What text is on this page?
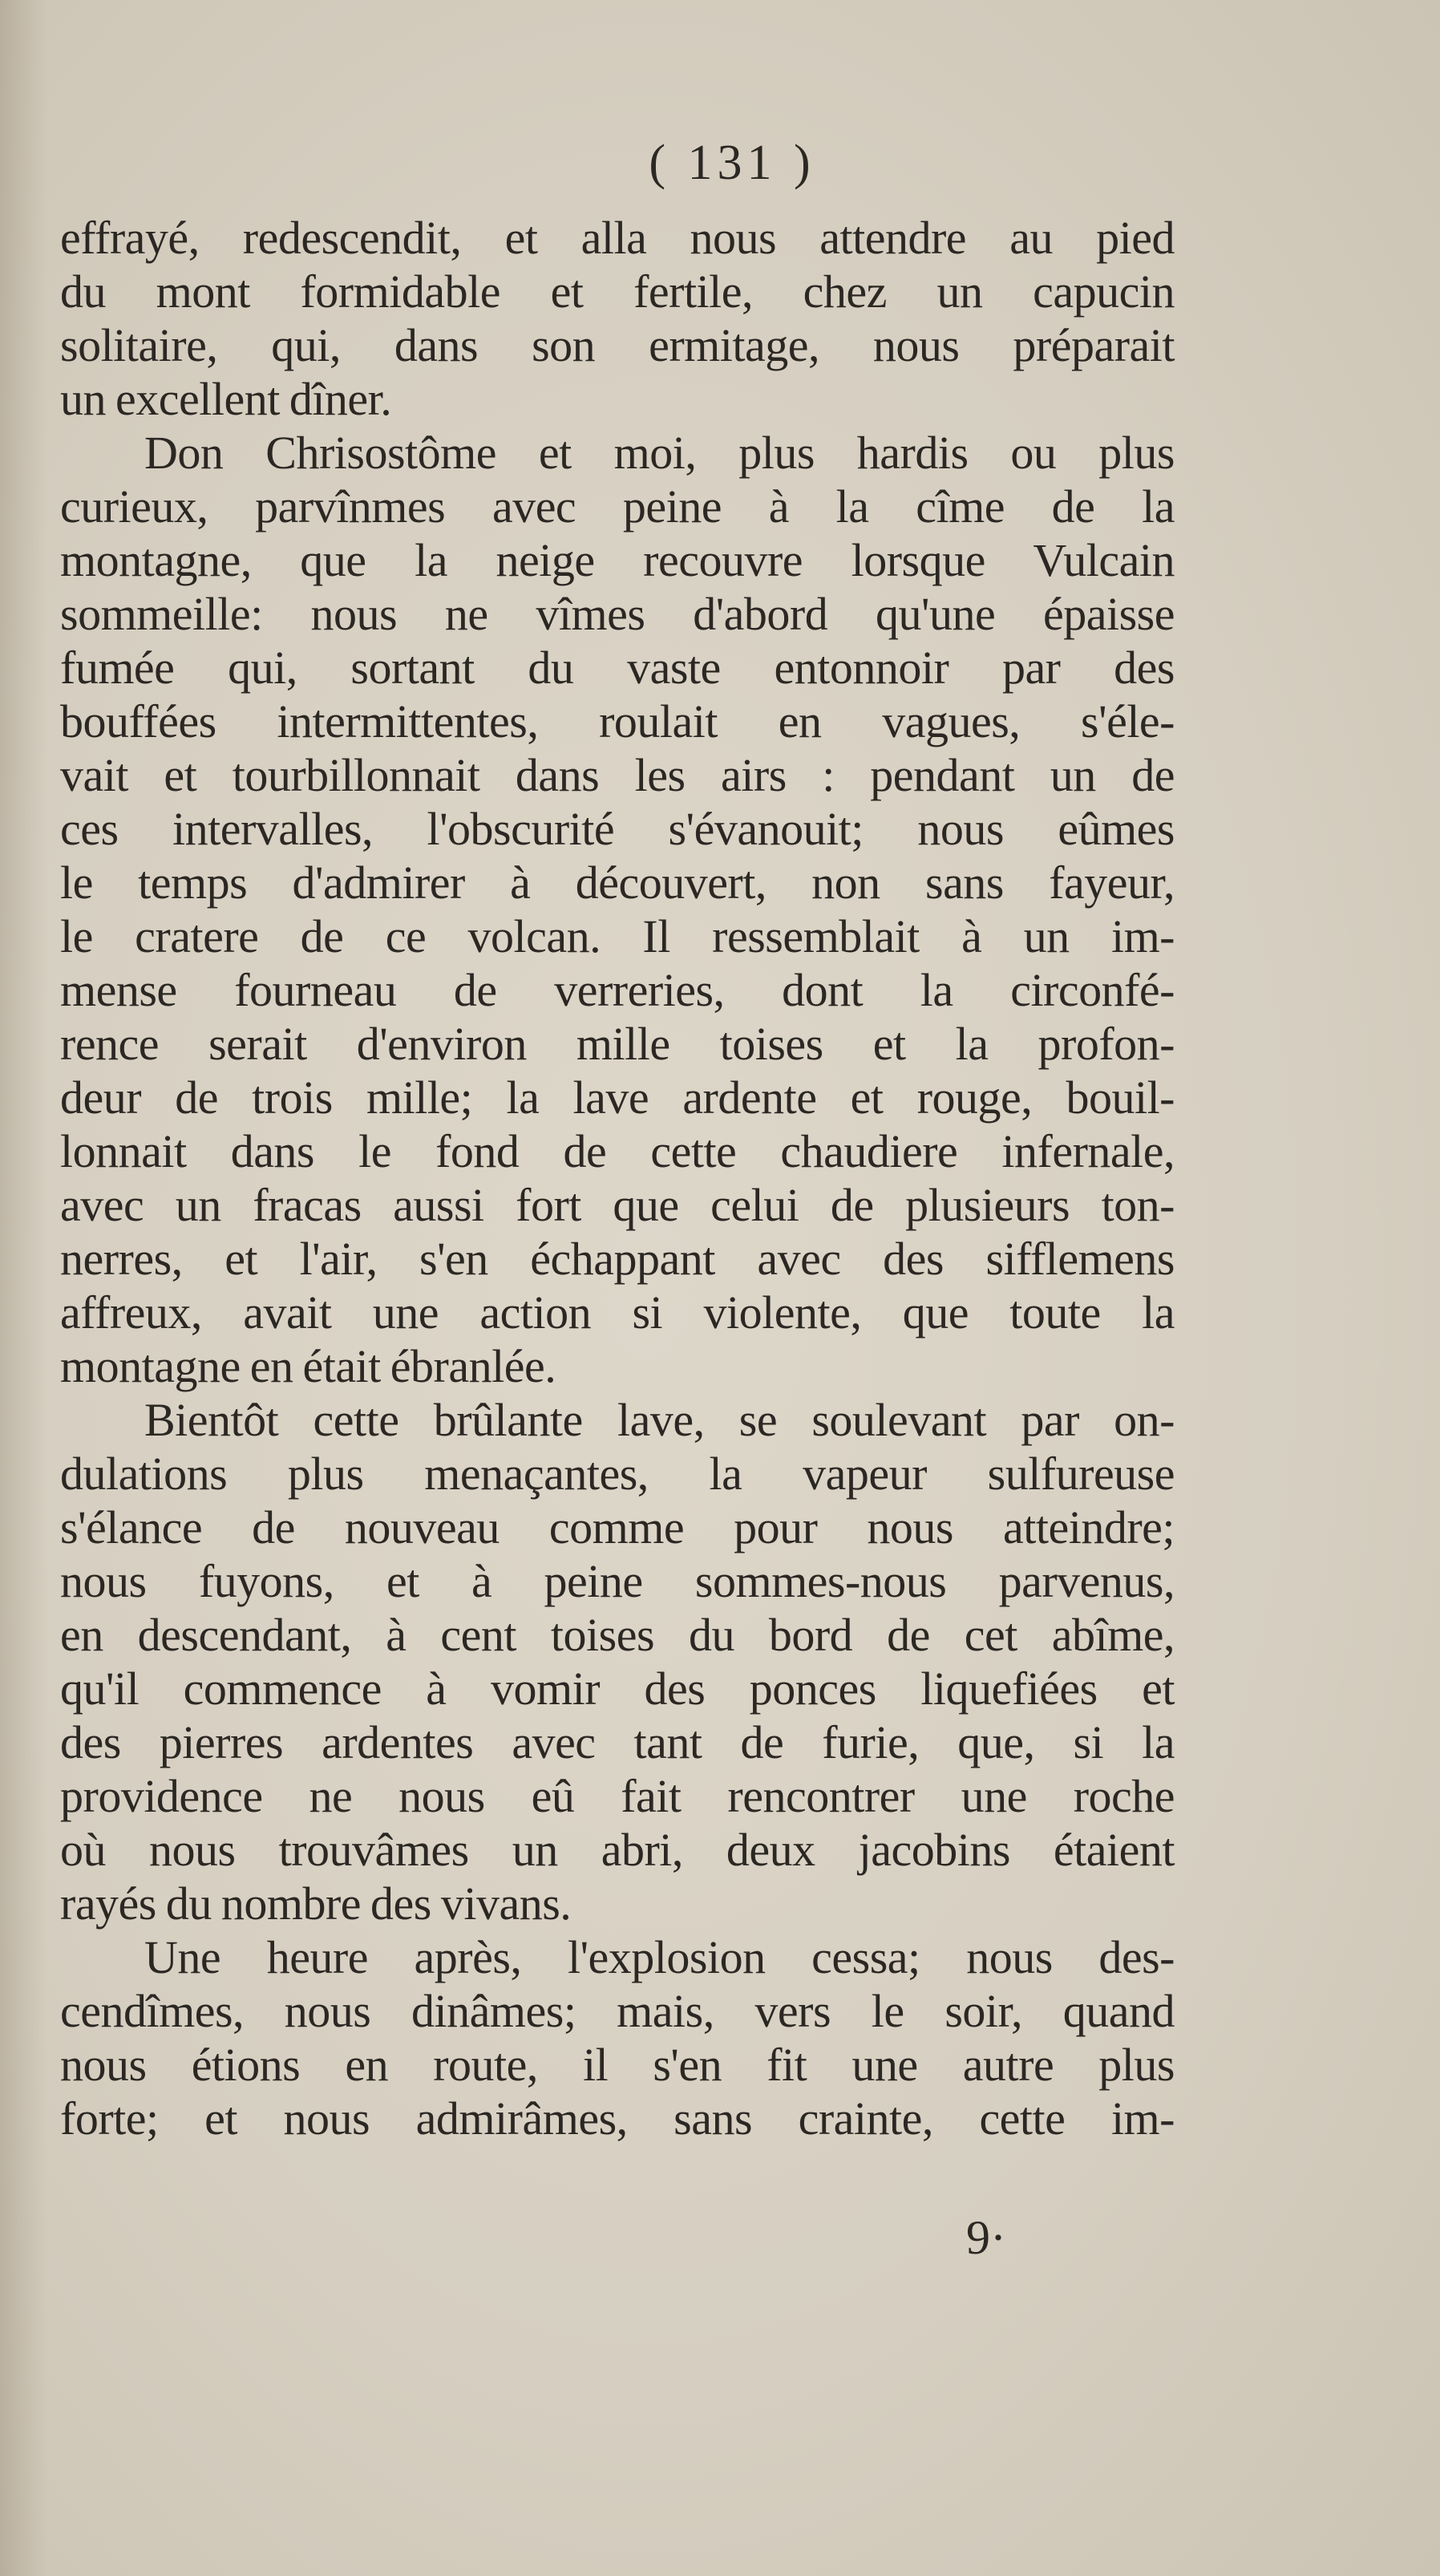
( 131 )
effrayé, redescendit, et alla nous attendre au pied
du mont formidable et fertile, chez un capucin
solitaire, qui, dans son ermitage, nous préparait
un excellent dîner.
Don Chrisostôme et moi, plus hardis ou plus
curieux, parvînmes avec peine à la cîme de la
montagne, que la neige recouvre lorsque Vulcain
sommeille: nous ne vîmes d'abord qu'une épaisse
fumée qui, sortant du vaste entonnoir par des
bouffées intermittentes, roulait en vagues, s'éle-
vait et tourbillonnait dans les airs : pendant un de
ces intervalles, l'obscurité s'évanouit; nous eûmes
le temps d'admirer à découvert, non sans fayeur,
le cratere de ce volcan. Il ressemblait à un im-
mense fourneau de verreries, dont la circonfé-
rence serait d'environ mille toises et la profon-
deur de trois mille; la lave ardente et rouge, bouil-
lonnait dans le fond de cette chaudiere infernale,
avec un fracas aussi fort que celui de plusieurs ton-
nerres, et l'air, s'en échappant avec des sifflemens
affreux, avait une action si violente, que toute la
montagne en était ébranlée.
Bientôt cette brûlante lave, se soulevant par on-
dulations plus menaçantes, la vapeur sulfureuse
s'élance de nouveau comme pour nous atteindre;
nous fuyons, et à peine sommes-nous parvenus,
en descendant, à cent toises du bord de cet abîme,
qu'il commence à vomir des ponces liquefiées et
des pierres ardentes avec tant de furie, que, si la
providence ne nous eû fait rencontrer une roche
où nous trouvâmes un abri, deux jacobins étaient
rayés du nombre des vivans.
Une heure après, l'explosion cessa; nous des-
cendîmes, nous dinâmes; mais, vers le soir, quand
nous étions en route, il s'en fit une autre plus
forte; et nous admirâmes, sans crainte, cette im-
9·
